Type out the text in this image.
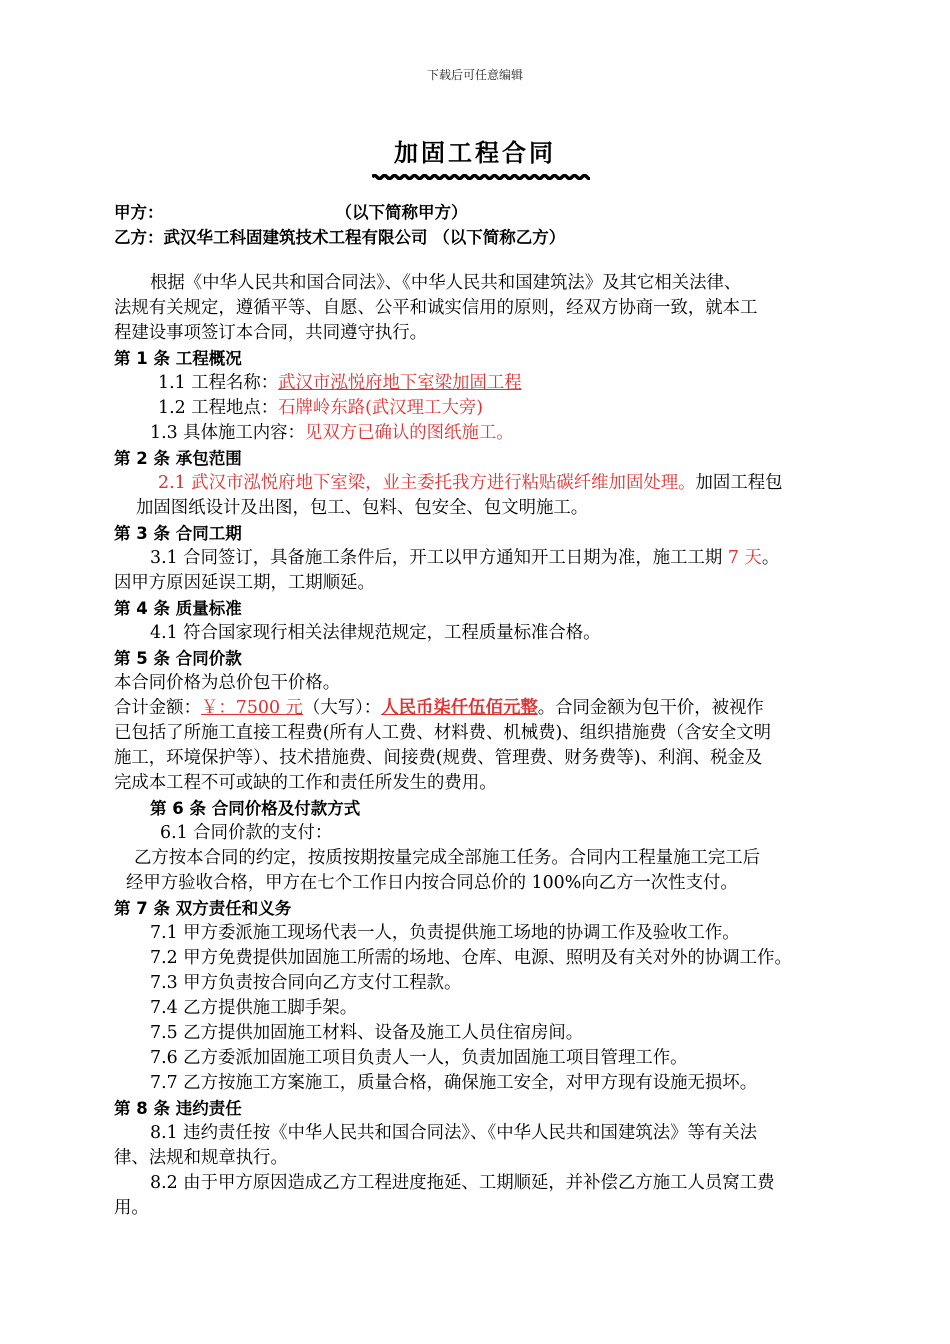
下载后可任意编辑
加固工程合同
甲方：	（以下简称甲方）
乙方：武汉华工科固建筑技术工程有限公司 （以下简称乙方）
根据《中华人民共和国合同法》、《中华人民共和国建筑法》及其它相关法律、
法规有关规定，遵循平等、自愿、公平和诚实信用的原则，经双方协商一致，就本工
程建设事项签订本合同，共同遵守执行。
第 1 条 工程概况
1.1 工程名称：武汉市泓悦府地下室梁加固工程
1.2 工程地点：石牌岭东路(武汉理工大旁)
1.3 具体施工内容：见双方已确认的图纸施工。
第 2 条 承包范围
2.1 武汉市泓悦府地下室梁，业主委托我方进行粘贴碳纤维加固处理。加固工程包
加固图纸设计及出图，包工、包料、包安全、包文明施工。
第 3 条 合同工期
3.1 合同签订，具备施工条件后，开工以甲方通知开工日期为准，施工工期 7 天。
因甲方原因延误工期，工期顺延。
第 4 条 质量标准
4.1 符合国家现行相关法律规范规定，工程质量标准合格。
第 5 条 合同价款
本合同价格为总价包干价格。
合计金额：￥：7500 元（大写）：人民币柒仟伍佰元整。合同金额为包干价，被视作
已包括了所施工直接工程费(所有人工费、材料费、机械费)、组织措施费（含安全文明
施工，环境保护等）、技术措施费、间接费(规费、管理费、财务费等)、利润、税金及
完成本工程不可或缺的工作和责任所发生的费用。
第 6 条 合同价格及付款方式
6.1 合同价款的支付：
乙方按本合同的约定，按质按期按量完成全部施工任务。合同内工程量施工完工后
经甲方验收合格，甲方在七个工作日内按合同总价的 100%向乙方一次性支付。
第 7 条 双方责任和义务
7.1 甲方委派施工现场代表一人，负责提供施工场地的协调工作及验收工作。
7.2 甲方免费提供加固施工所需的场地、仓库、电源、照明及有关对外的协调工作。
7.3 甲方负责按合同向乙方支付工程款。
7.4 乙方提供施工脚手架。
7.5 乙方提供加固施工材料、设备及施工人员住宿房间。
7.6 乙方委派加固施工项目负责人一人，负责加固施工项目管理工作。
7.7 乙方按施工方案施工，质量合格，确保施工安全，对甲方现有设施无损坏。
第 8 条 违约责任
8.1 违约责任按《中华人民共和国合同法》、《中华人民共和国建筑法》等有关法
律、法规和规章执行。
8.2 由于甲方原因造成乙方工程进度拖延、工期顺延，并补偿乙方施工人员窝工费
用。
